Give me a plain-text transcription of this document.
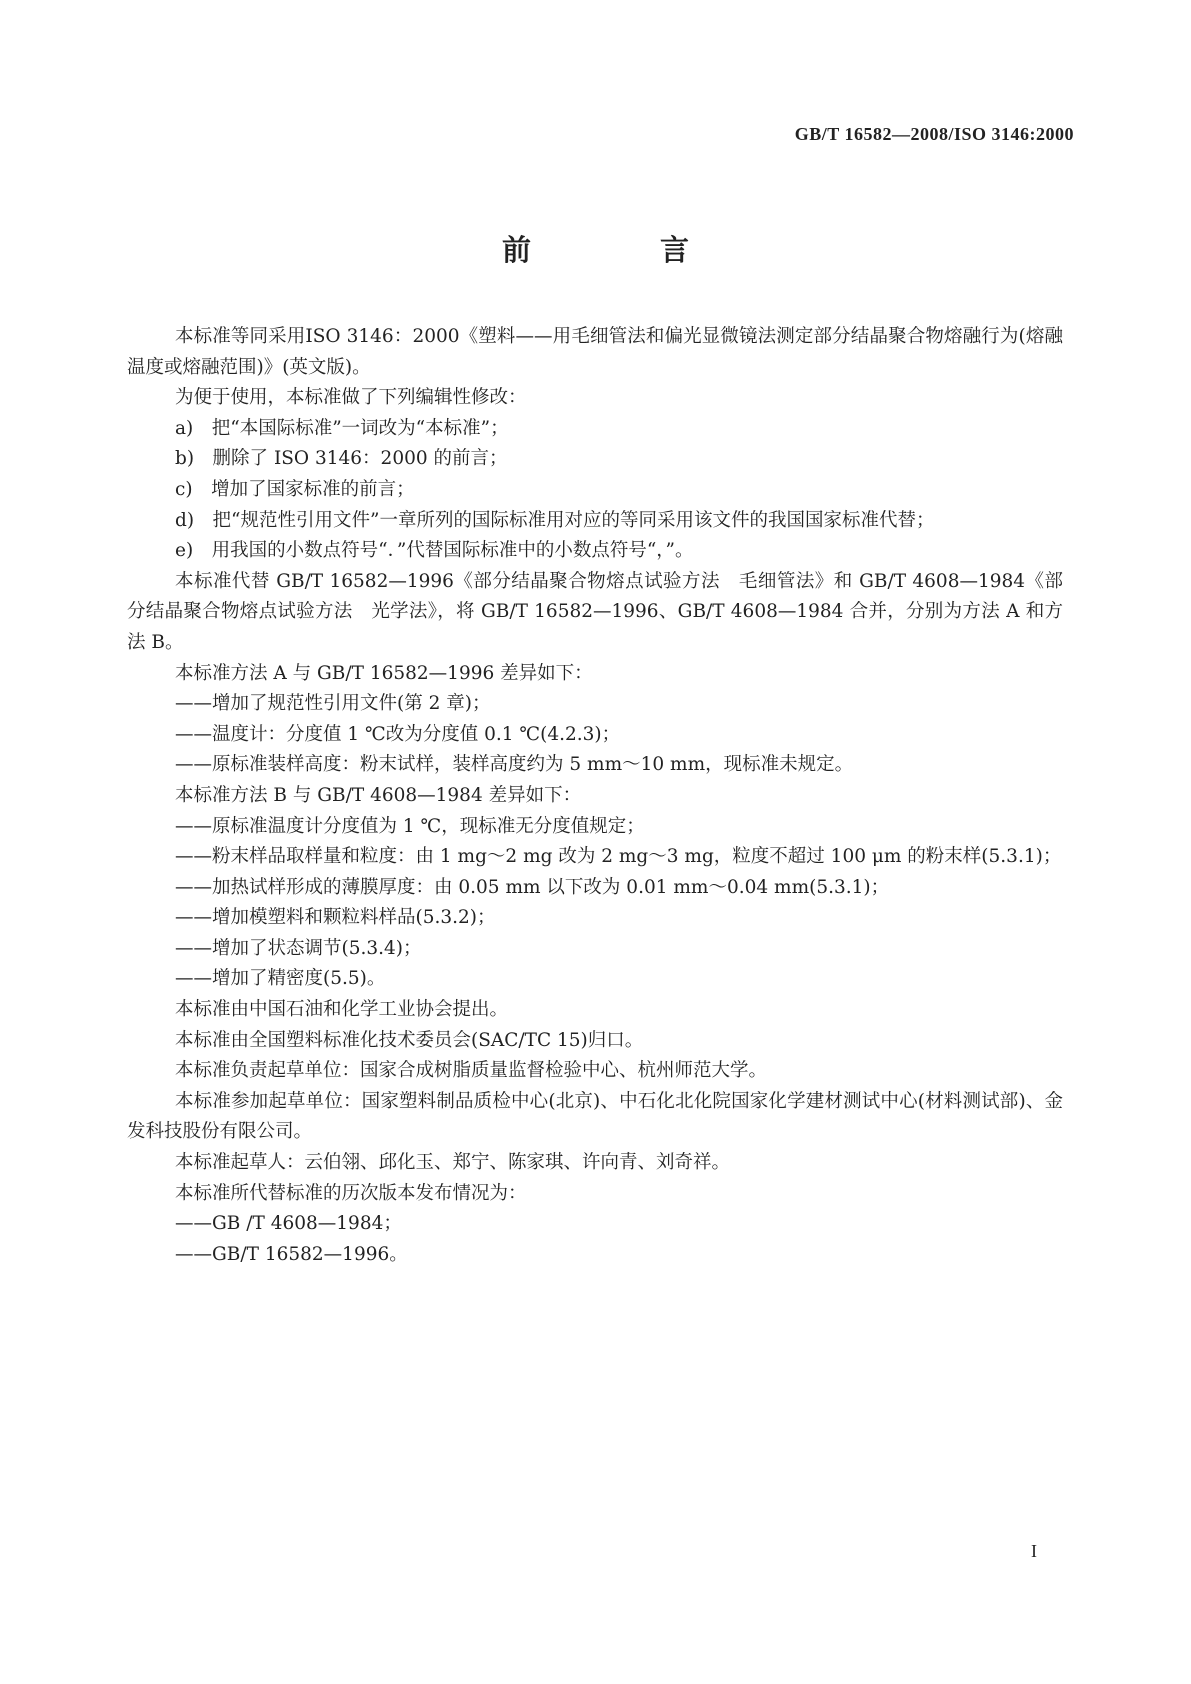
GB/T 16582—2008/ISO 3146:2000
前　言

本标准等同采用ISO 3146：2000《塑料——用毛细管法和偏光显微镜法测定部分结晶聚合物熔融行为(熔融温度或熔融范围)》(英文版)。

为便于使用，本标准做了下列编辑性修改：

a)　把“本国际标准”一词改为“本标准”；

b)　删除了 ISO 3146：2000 的前言；

c)　增加了国家标准的前言；

d)　把“规范性引用文件”一章所列的国际标准用对应的等同采用该文件的我国国家标准代替；

e)　用我国的小数点符号“．”代替国际标准中的小数点符号“，”。

本标准代替 GB/T 16582—1996《部分结晶聚合物熔点试验方法　毛细管法》和 GB/T 4608—1984《部分结晶聚合物熔点试验方法　光学法》，将 GB/T 16582—1996、GB/T 4608—1984 合并，分别为方法 A 和方法 B。

本标准方法 A 与 GB/T 16582—1996 差异如下：

——增加了规范性引用文件(第 2 章)；

——温度计：分度值 1 ℃改为分度值 0.1 ℃(4.2.3)；

——原标准装样高度：粉末试样，装样高度约为 5 mm～10 mm，现标准未规定。

本标准方法 B 与 GB/T 4608—1984 差异如下：

——原标准温度计分度值为 1 ℃，现标准无分度值规定；

——粉末样品取样量和粒度：由 1 mg～2 mg 改为 2 mg～3 mg，粒度不超过 100 μm 的粉末样(5.3.1)；

——加热试样形成的薄膜厚度：由 0.05 mm 以下改为 0.01 mm～0.04 mm(5.3.1)；

——增加模塑料和颗粒料样品(5.3.2)；

——增加了状态调节(5.3.4)；

——增加了精密度(5.5)。

本标准由中国石油和化学工业协会提出。

本标准由全国塑料标准化技术委员会(SAC/TC 15)归口。

本标准负责起草单位：国家合成树脂质量监督检验中心、杭州师范大学。

本标准参加起草单位：国家塑料制品质检中心(北京)、中石化北化院国家化学建材测试中心(材料测试部)、金发科技股份有限公司。

本标准起草人：云伯翎、邱化玉、郑宁、陈家琪、许向青、刘奇祥。

本标准所代替标准的历次版本发布情况为：

——GB /T 4608—1984；

——GB/T 16582—1996。

I
